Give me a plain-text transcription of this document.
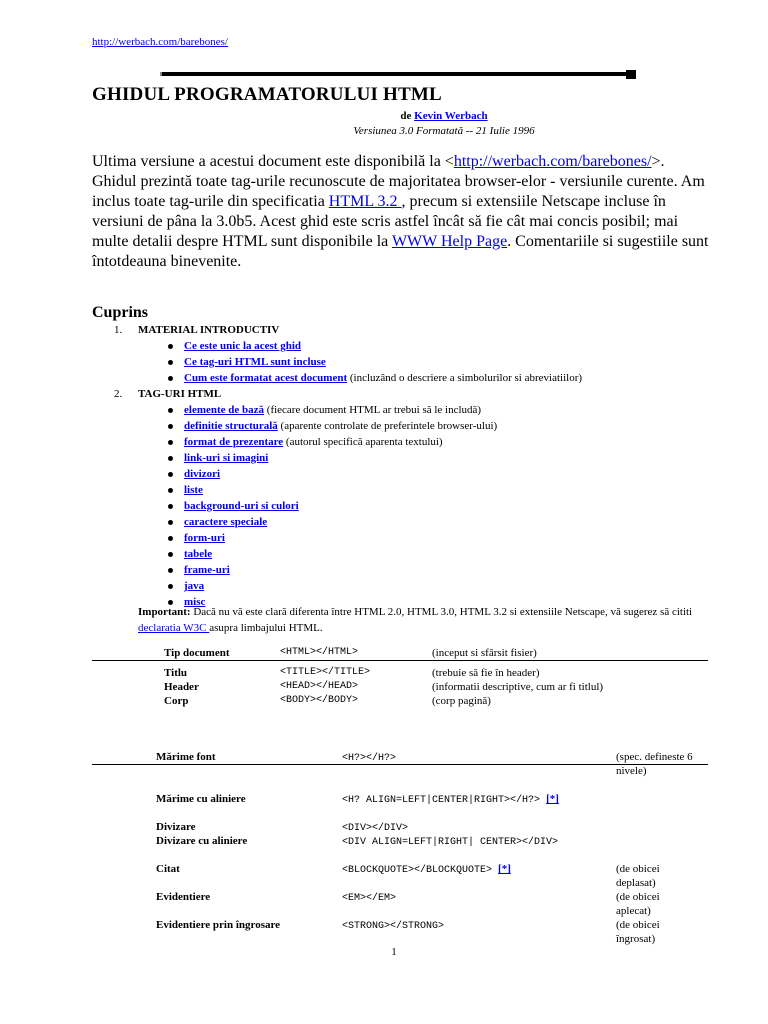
http://werbach.com/barebones/
GHIDUL PROGRAMATORULUI HTML
de Kevin Werbach
Versiunea 3.0 Formatată -- 21 Iulie 1996

Ultima versiune a acestui document este disponibilă la <http://werbach.com/barebones/>.

Ghidul prezintă toate tag-urile recunoscute de majoritatea browser-elor - versiunile curente. Am inclus toate tag-urile din specificatia HTML 3.2 , precum si extensiile Netscape incluse în versiuni de pâna la 3.0b5. Acest ghid este scris astfel încât să fie cât mai concis posibil; mai multe detalii despre HTML sunt disponibile la WWW Help Page. Comentariile si sugestiile sunt întotdeauna binevenite.

Cuprins
1. MATERIAL INTRODUCTIV
Ce este unic la acest ghid
Ce tag-uri HTML sunt incluse
Cum este formatat acest document (incluzând o descriere a simbolurilor si abreviatiilor)
2. TAG-URI HTML
elemente de bază (fiecare document HTML ar trebui să le includă)
definitie structurală (aparente controlate de preferintele browser-ului)
format de prezentare (autorul specifică aparenta textului)
link-uri si imagini
divizori
liste
background-uri si culori
caractere speciale
form-uri
tabele
frame-uri
java
misc
Important: Dacă nu vă este clară diferenta între HTML 2.0, HTML 3.0, HTML 3.2 si extensiile Netscape, vă sugerez să cititi declaratia W3C asupra limbajului HTML.
Tip document	<HTML></HTML>	(inceput si sfârsit fisier)
Titlu	<TITLE></TITLE>	(trebuie să fie în header)
Header	<HEAD></HEAD>	(informatii descriptive, cum ar fi titlul)
Corp	<BODY></BODY>	(corp pagină)
Mărime font	<H?></H?>	(spec. defineste 6 nivele)
Mărime cu aliniere	<H? ALIGN=LEFT|CENTER|RIGHT></H?> [*]
Divizare	<DIV></DIV>
Divizare cu aliniere	<DIV ALIGN=LEFT|RIGHT| CENTER></DIV>
Citat	<BLOCKQUOTE></BLOCKQUOTE> [*]	(de obicei deplasat)
Evidentiere	<EM></EM>	(de obicei aplecat)
Evidentiere prin îngrosare	<STRONG></STRONG>	(de obicei îngrosat)
1
